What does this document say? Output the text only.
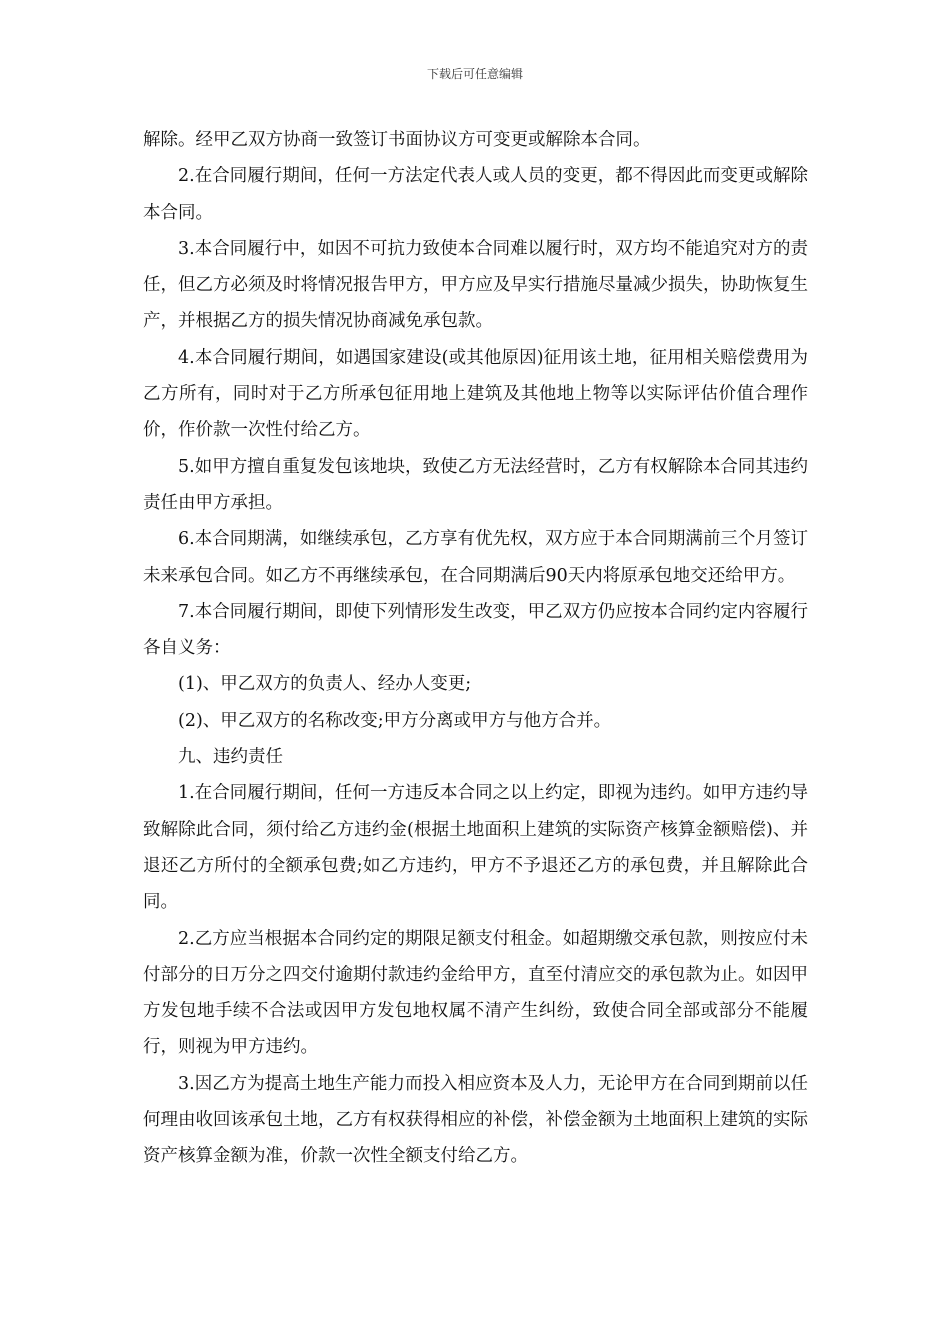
下载后可任意编辑

解除。经甲乙双方协商一致签订书面协议方可变更或解除本合同。

2.在合同履行期间，任何一方法定代表人或人员的变更，都不得因此而变更或解除本合同。

3.本合同履行中，如因不可抗力致使本合同难以履行时，双方均不能追究对方的责任，但乙方必须及时将情况报告甲方，甲方应及早实行措施尽量减少损失，协助恢复生产，并根据乙方的损失情况协商减免承包款。

4.本合同履行期间，如遇国家建设(或其他原因)征用该土地，征用相关赔偿费用为乙方所有，同时对于乙方所承包征用地上建筑及其他地上物等以实际评估价值合理作价，作价款一次性付给乙方。

5.如甲方擅自重复发包该地块，致使乙方无法经营时，乙方有权解除本合同其违约责任由甲方承担。

6.本合同期满，如继续承包，乙方享有优先权，双方应于本合同期满前三个月签订未来承包合同。如乙方不再继续承包，在合同期满后90天内将原承包地交还给甲方。

7.本合同履行期间，即使下列情形发生改变，甲乙双方仍应按本合同约定内容履行各自义务：

(1)、甲乙双方的负责人、经办人变更;

(2)、甲乙双方的名称改变;甲方分离或甲方与他方合并。

九、违约责任

1.在合同履行期间，任何一方违反本合同之以上约定，即视为违约。如甲方违约导致解除此合同，须付给乙方违约金(根据土地面积上建筑的实际资产核算金额赔偿)、并退还乙方所付的全额承包费;如乙方违约，甲方不予退还乙方的承包费，并且解除此合同。

2.乙方应当根据本合同约定的期限足额支付租金。如超期缴交承包款，则按应付未付部分的日万分之四交付逾期付款违约金给甲方，直至付清应交的承包款为止。如因甲方发包地手续不合法或因甲方发包地权属不清产生纠纷，致使合同全部或部分不能履行，则视为甲方违约。

3.因乙方为提高土地生产能力而投入相应资本及人力，无论甲方在合同到期前以任何理由收回该承包土地，乙方有权获得相应的补偿，补偿金额为土地面积上建筑的实际资产核算金额为准，价款一次性全额支付给乙方。
